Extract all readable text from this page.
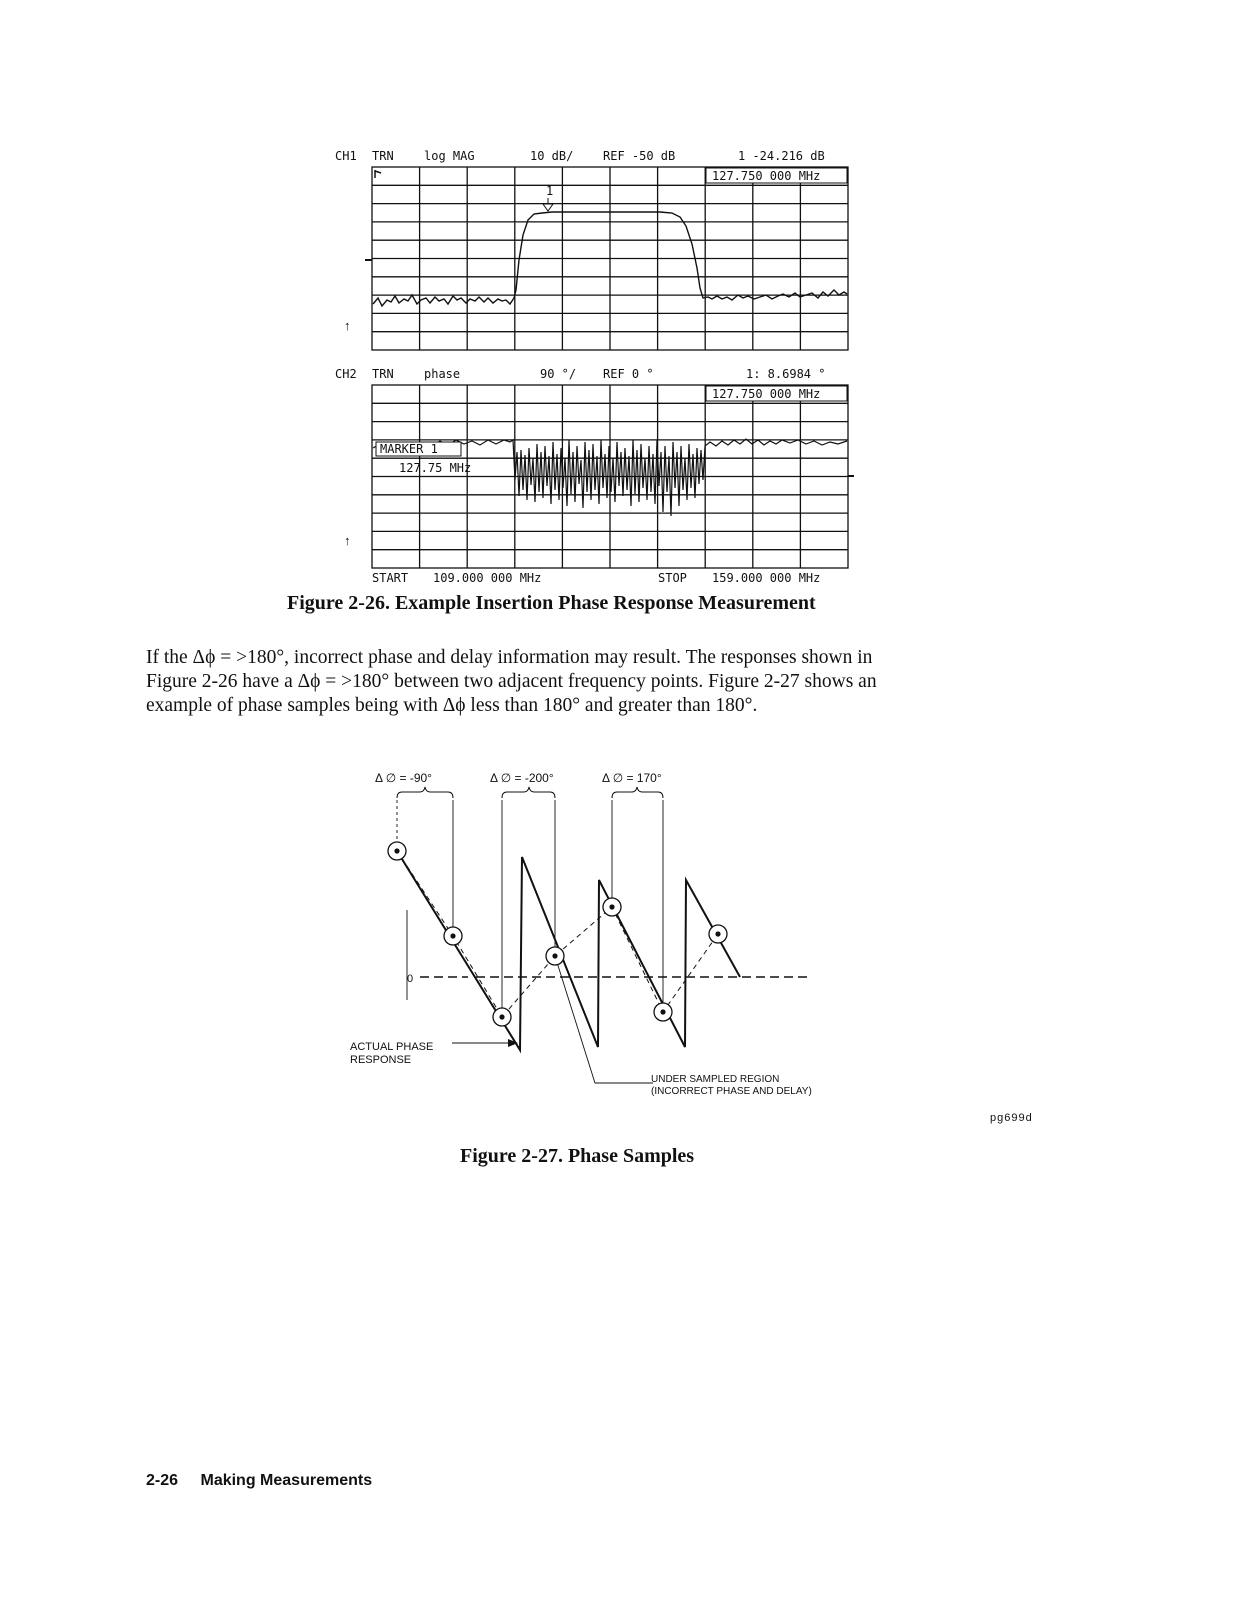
CH1 TRN	log MAG	10 dB/ REF -50 dB	1 -24.216 dB
127.750 000 MHz
↑
1
CH2 TRN	phase	90 °/ REF 0 °	1: 8.6984 °
127.750 000 MHz
↑
MARKER 1
127.75 MHz
START 109.000 000 MHz	STOP 159.000 000 MHz
Figure 2-26. Example Insertion Phase Response Measurement
If the Δϕ = >180°, incorrect phase and delay information may result. The responses shown in
Figure 2-26 have a Δϕ = >180° between two adjacent frequency points. Figure 2-27 shows an
example of phase samples being with Δϕ less than 180° and greater than 180°.
Δ ∅ = -90°	Δ ∅ = -200°	Δ ∅ = 170°
0
ACTUAL PHASE
RESPONSE
UNDER SAMPLED REGION
(INCORRECT PHASE AND DELAY)
pg699d
Figure 2-27. Phase Samples
2-26 Making Measurements
